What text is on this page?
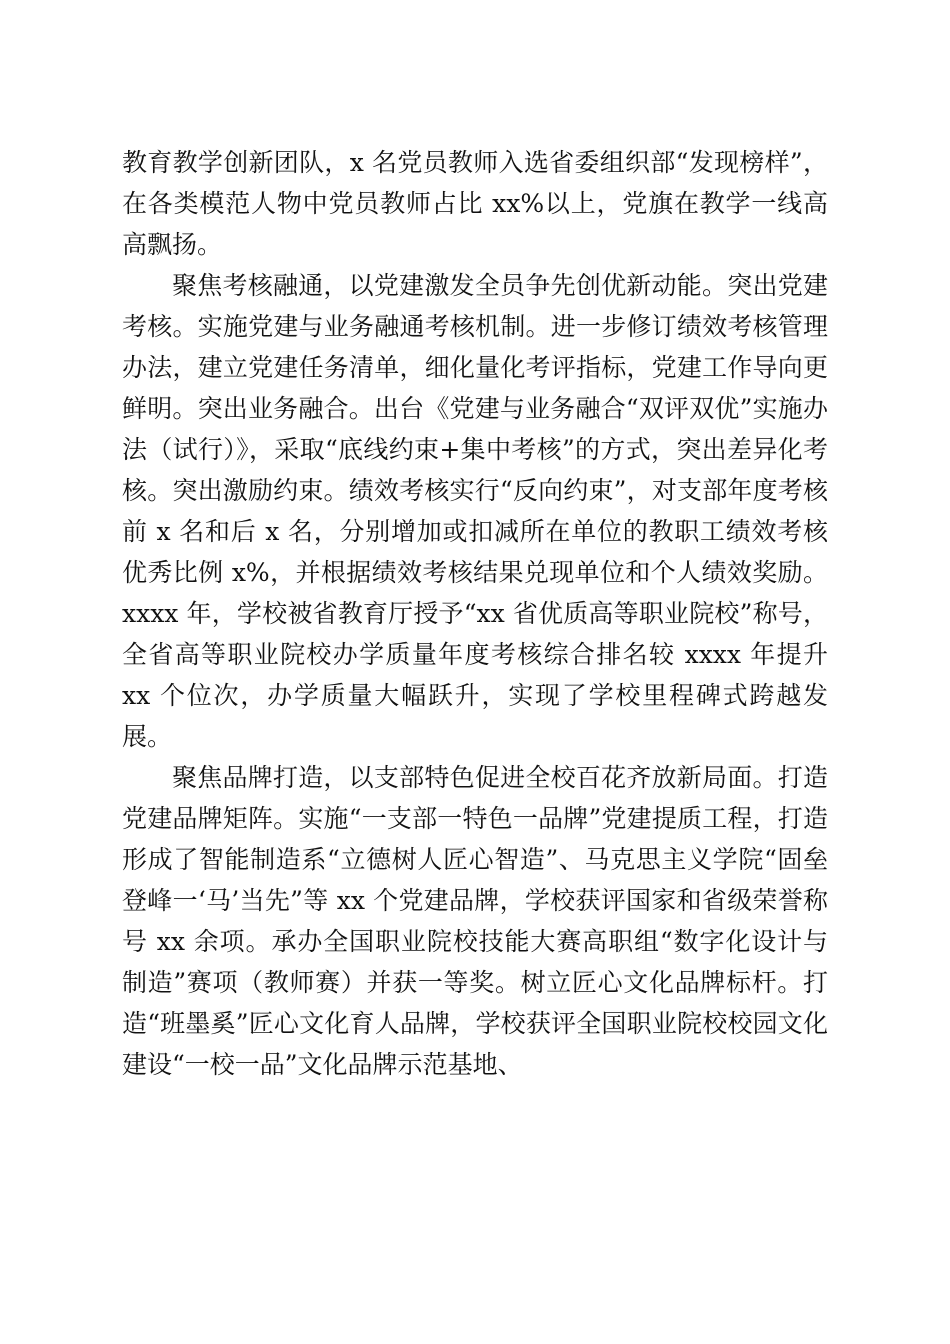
教育教学创新团队，x 名党员教师入选省委组织部“发现榜样”，在各类模范人物中党员教师占比 xx%以上，党旗在教学一线高高飘扬。

聚焦考核融通，以党建激发全员争先创优新动能。突出党建考核。实施党建与业务融通考核机制。进一步修订绩效考核管理办法，建立党建任务清单，细化量化考评指标，党建工作导向更鲜明。突出业务融合。出台《党建与业务融合“双评双优”实施办法（试行）》，采取“底线约束+集中考核”的方式，突出差异化考核。突出激励约束。绩效考核实行“反向约束”，对支部年度考核前 x 名和后 x 名，分别增加或扣减所在单位的教职工绩效考核优秀比例 x%，并根据绩效考核结果兑现单位和个人绩效奖励。xxxx 年，学校被省教育厅授予“xx 省优质高等职业院校”称号，全省高等职业院校办学质量年度考核综合排名较 xxxx 年提升 xx 个位次，办学质量大幅跃升，实现了学校里程碑式跨越发展。

聚焦品牌打造，以支部特色促进全校百花齐放新局面。打造党建品牌矩阵。实施“一支部一特色一品牌”党建提质工程，打造形成了智能制造系“立德树人匠心智造”、马克思主义学院“固垒登峰一‘马’当先”等 xx 个党建品牌，学校获评国家和省级荣誉称号 xx 余项。承办全国职业院校技能大赛高职组“数字化设计与制造”赛项（教师赛）并获一等奖。树立匠心文化品牌标杆。打造“班墨奚”匠心文化育人品牌，学校获评全国职业院校校园文化建设“一校一品”文化品牌示范基地、
